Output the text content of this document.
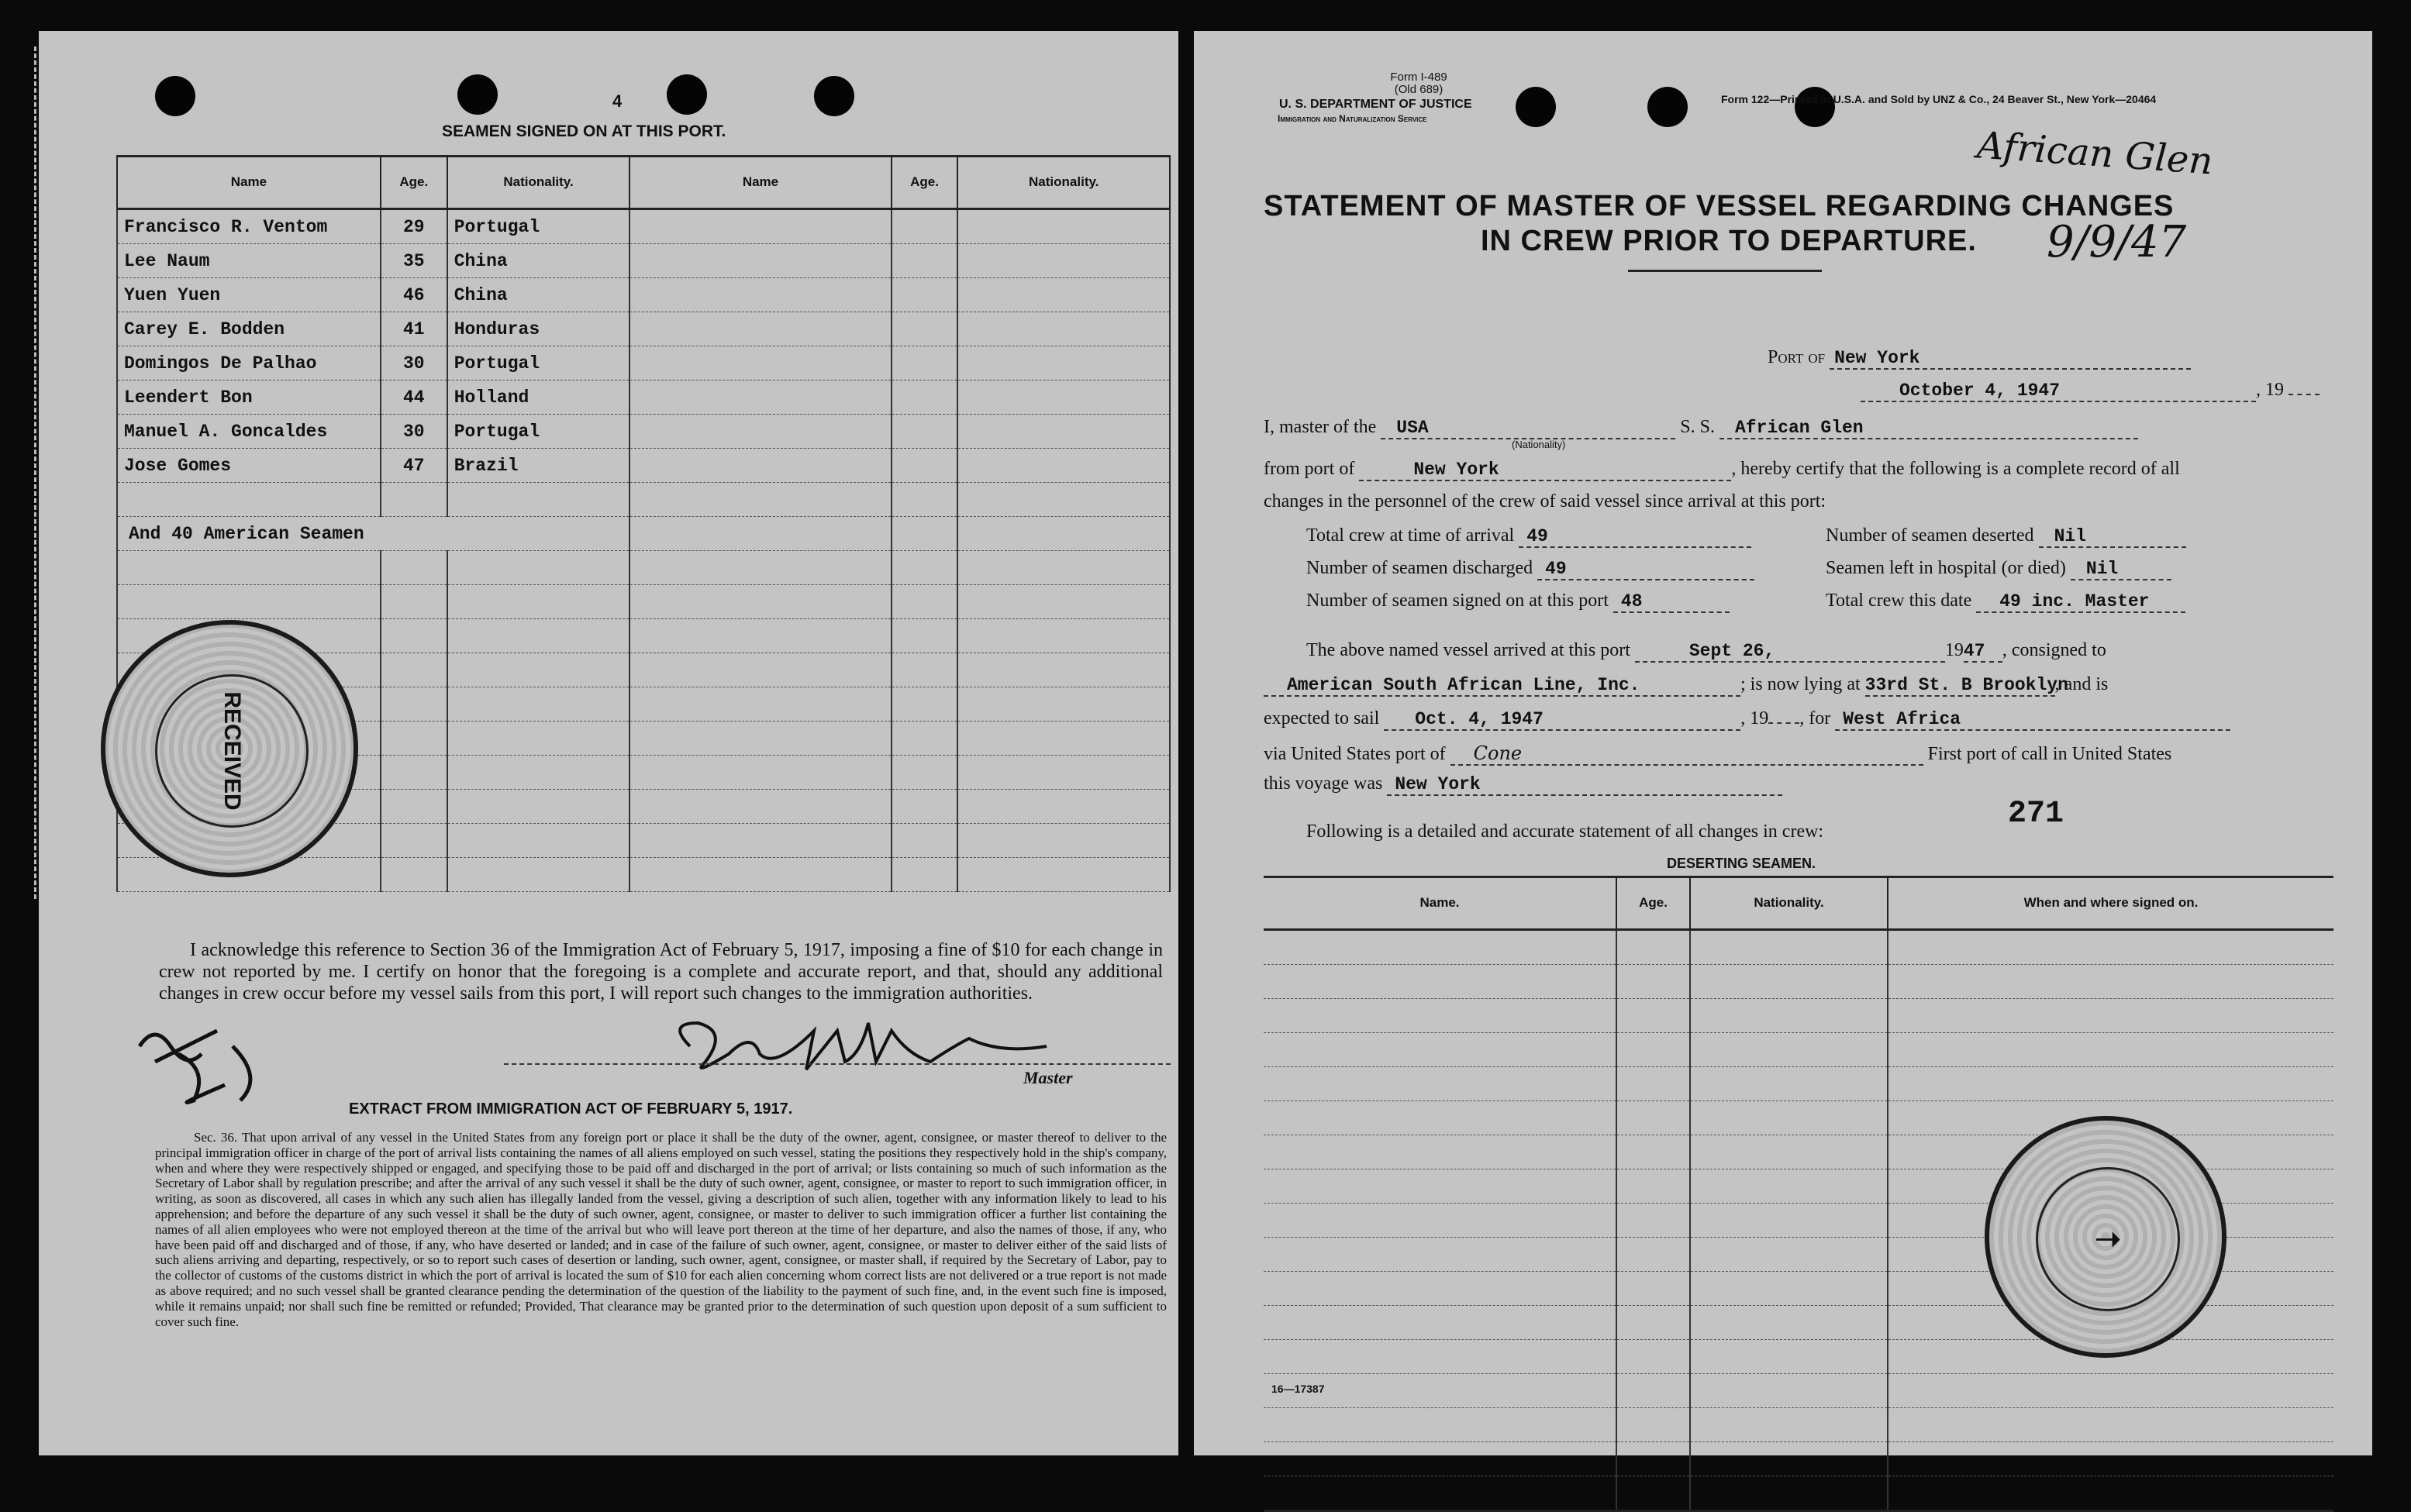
4
SEAMEN SIGNED ON AT THIS PORT.
Name	Age.	Nationality.	Name	Age.	Nationality.
Francisco R. Ventom	29	Portugal			
Lee Naum	35	China			
Yuen Yuen	46	China			
Carey E. Bodden	41	Honduras			
Domingos De Palhao	30	Portugal			
Leendert Bon	44	Holland			
Manuel A. Goncaldes	30	Portugal			
Jose Gomes	47	Brazil			

And 40 American Seamen					

RECEIVED
I acknowledge this reference to Section 36 of the Immigration Act of February 5, 1917, imposing a fine of $10 for each change in crew not reported by me. I certify on honor that the foregoing is a complete and accurate report, and that, should any additional changes in crew occur before my vessel sails from this port, I will report such changes to the immigration authorities.
Master
EXTRACT FROM IMMIGRATION ACT OF FEBRUARY 5, 1917.
Sec. 36. That upon arrival of any vessel in the United States from any foreign port or place it shall be the duty of the owner, agent, consignee, or master thereof to deliver to the principal immigration officer in charge of the port of arrival lists containing the names of all aliens employed on such vessel, stating the positions they respectively hold in the ship's company, when and where they were respectively shipped or engaged, and specifying those to be paid off and discharged in the port of arrival; or lists containing so much of such information as the Secretary of Labor shall by regulation prescribe; and after the arrival of any such vessel it shall be the duty of such owner, agent, consignee, or master to report to such immigration officer, in writing, as soon as discovered, all cases in which any such alien has illegally landed from the vessel, giving a description of such alien, together with any information likely to lead to his apprehension; and before the departure of any such vessel it shall be the duty of such owner, agent, consignee, or master to deliver to such immigration officer a further list containing the names of all alien employees who were not employed thereon at the time of the arrival but who will leave port thereon at the time of her departure, and also the names of those, if any, who have been paid off and discharged and of those, if any, who have deserted or landed; and in case of the failure of such owner, agent, consignee, or master to deliver either of the said lists of such aliens arriving and departing, respectively, or so to report such cases of desertion or landing, such owner, agent, consignee, or master shall, if required by the Secretary of Labor, pay to the collector of customs of the customs district in which the port of arrival is located the sum of $10 for each alien concerning whom correct lists are not delivered or a true report is not made as above required; and no such vessel shall be granted clearance pending the determination of the question of the liability to the payment of such fine, and, in the event such fine is imposed, while it remains unpaid; nor shall such fine be remitted or refunded; Provided, That clearance may be granted prior to the determination of such question upon deposit of a sum sufficient to cover such fine.
Form I-489
(Old 689)
U. S. DEPARTMENT OF JUSTICE
Immigration and Naturalization Service
Form 122—Printed in U.S.A. and Sold by UNZ & Co., 24 Beaver St., New York—20464
African Glen
9/9/47
STATEMENT OF MASTER OF VESSEL REGARDING CHANGES
IN CREW PRIOR TO DEPARTURE.
Port of New York
October 4, 1947	, 19
I, master of the USA	S. S. African Glen
(Nationality)
from port of	New York	, hereby certify that the following is a complete record of all
changes in the personnel of the crew of said vessel since arrival at this port:
Total crew at time of arrival 49	Number of seamen deserted Nil
Number of seamen discharged 49	Seamen left in hospital (or died) Nil
Number of seamen signed on at this port 48	Total crew this date 49 inc. Master
The above named vessel arrived at this port	Sept 26,	1947 , consigned to
American South African Line, Inc.	; is now lying at 33rd St. B Brooklyn, and is
expected to sail Oct. 4, 1947	, 19 , for West Africa
via United States port of Cone	First port of call in United States
this voyage was New York
Following is a detailed and accurate statement of all changes in crew:	271
DESERTING SEAMEN.
Name.	Age.	Nationality.	When and where signed on.

➝
16—17387
